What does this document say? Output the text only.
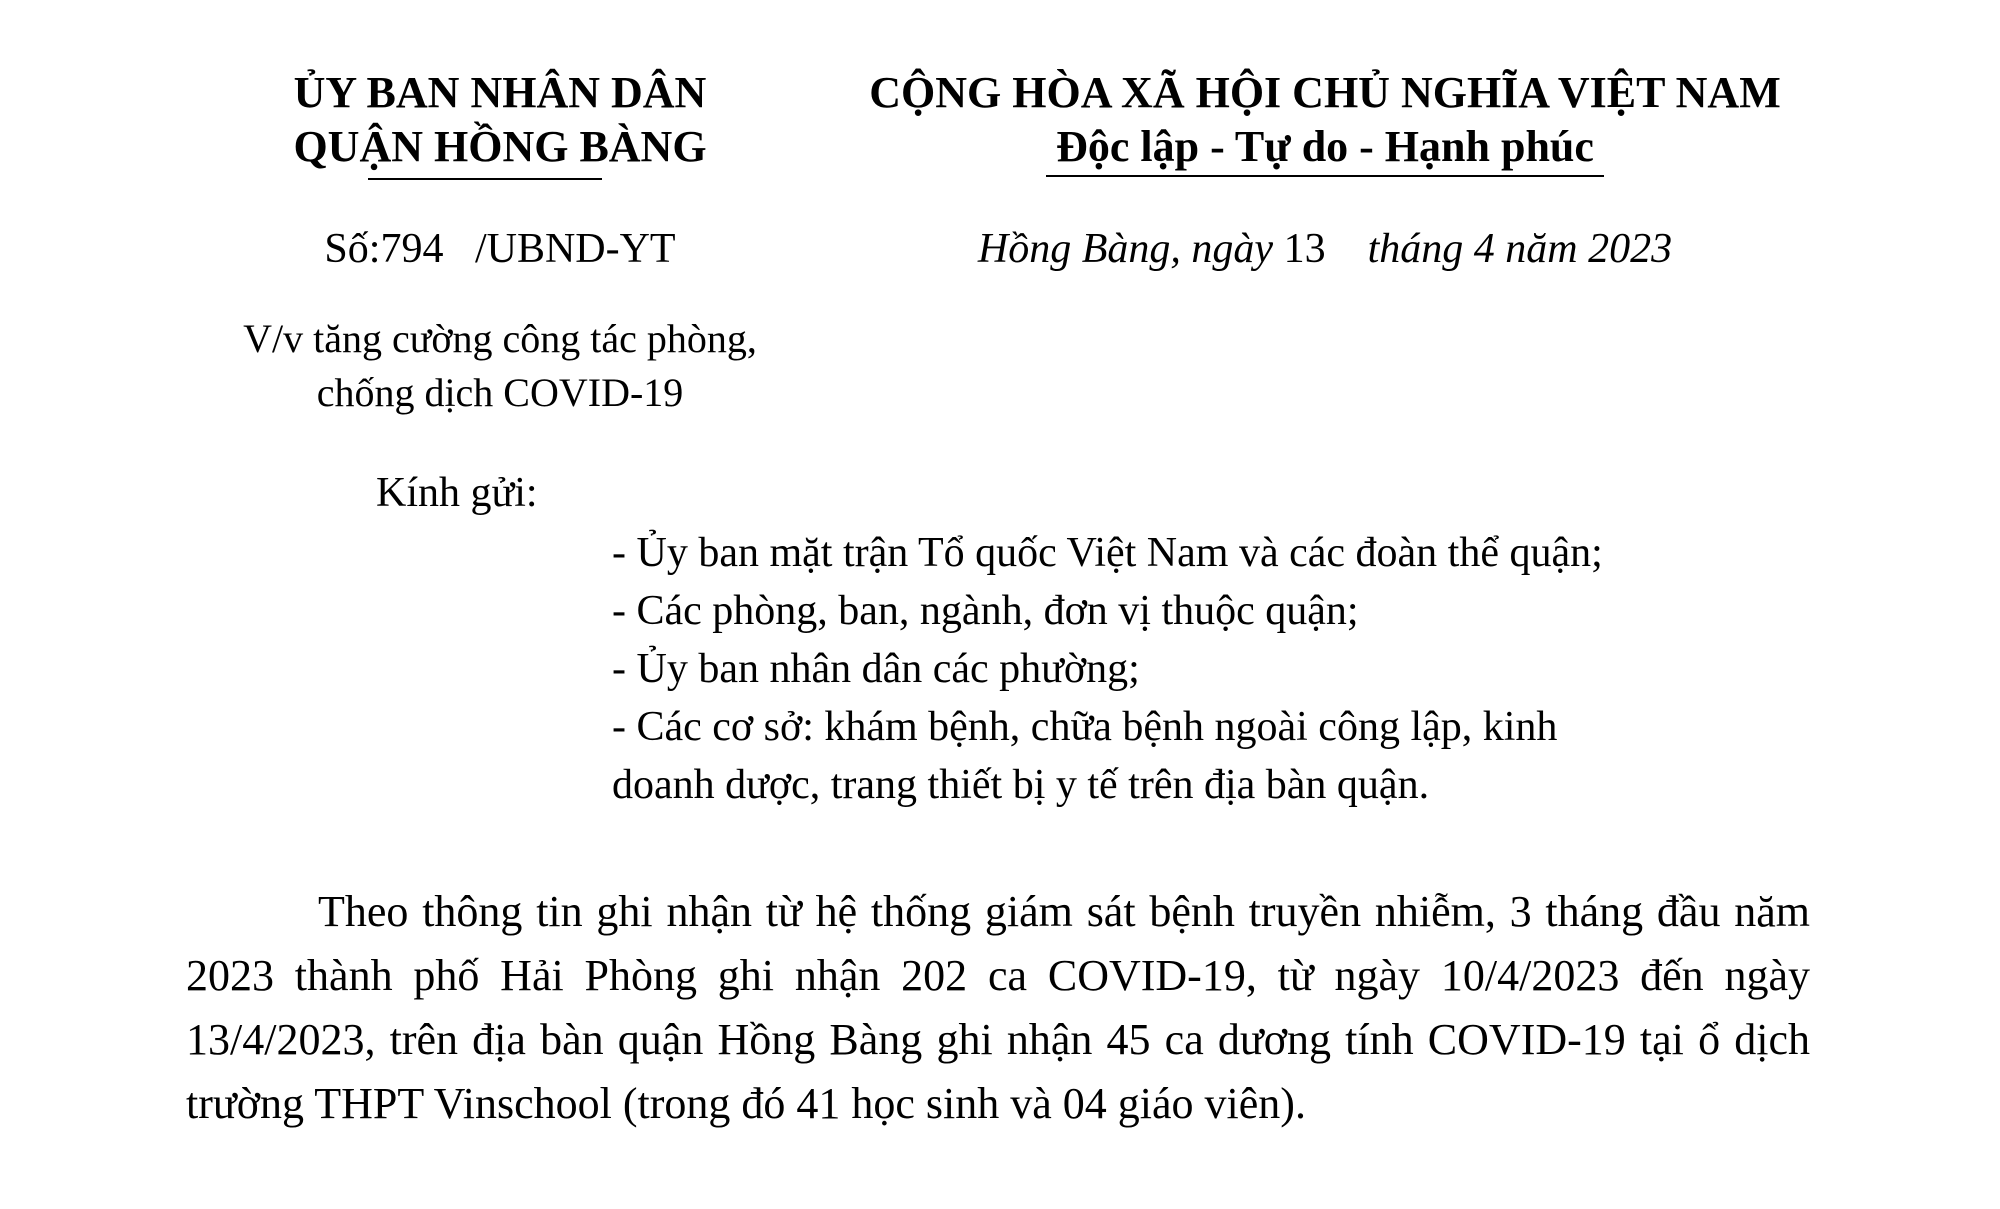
ỦY BAN NHÂN DÂN
QUẬN HỒNG BÀNG
CỘNG HÒA XÃ HỘI CHỦ NGHĨA VIỆT NAM
Độc lập - Tự do - Hạnh phúc
Số:794 /UBND-YT	Hồng Bàng, ngày 13 tháng 4 năm 2023
V/v tăng cường công tác phòng,
chống dịch COVID-19
Kính gửi:
- Ủy ban mặt trận Tổ quốc Việt Nam và các đoàn thể quận;
- Các phòng, ban, ngành, đơn vị thuộc quận;
- Ủy ban nhân dân các phường;
- Các cơ sở: khám bệnh, chữa bệnh ngoài công lập, kinh
doanh dược, trang thiết bị y tế trên địa bàn quận.
Theo thông tin ghi nhận từ hệ thống giám sát bệnh truyền nhiễm, 3 tháng đầu năm 2023 thành phố Hải Phòng ghi nhận 202 ca COVID-19, từ ngày 10/4/2023 đến ngày 13/4/2023, trên địa bàn quận Hồng Bàng ghi nhận 45 ca dương tính COVID-19 tại ổ dịch trường THPT Vinschool (trong đó 41 học sinh và 04 giáo viên).
